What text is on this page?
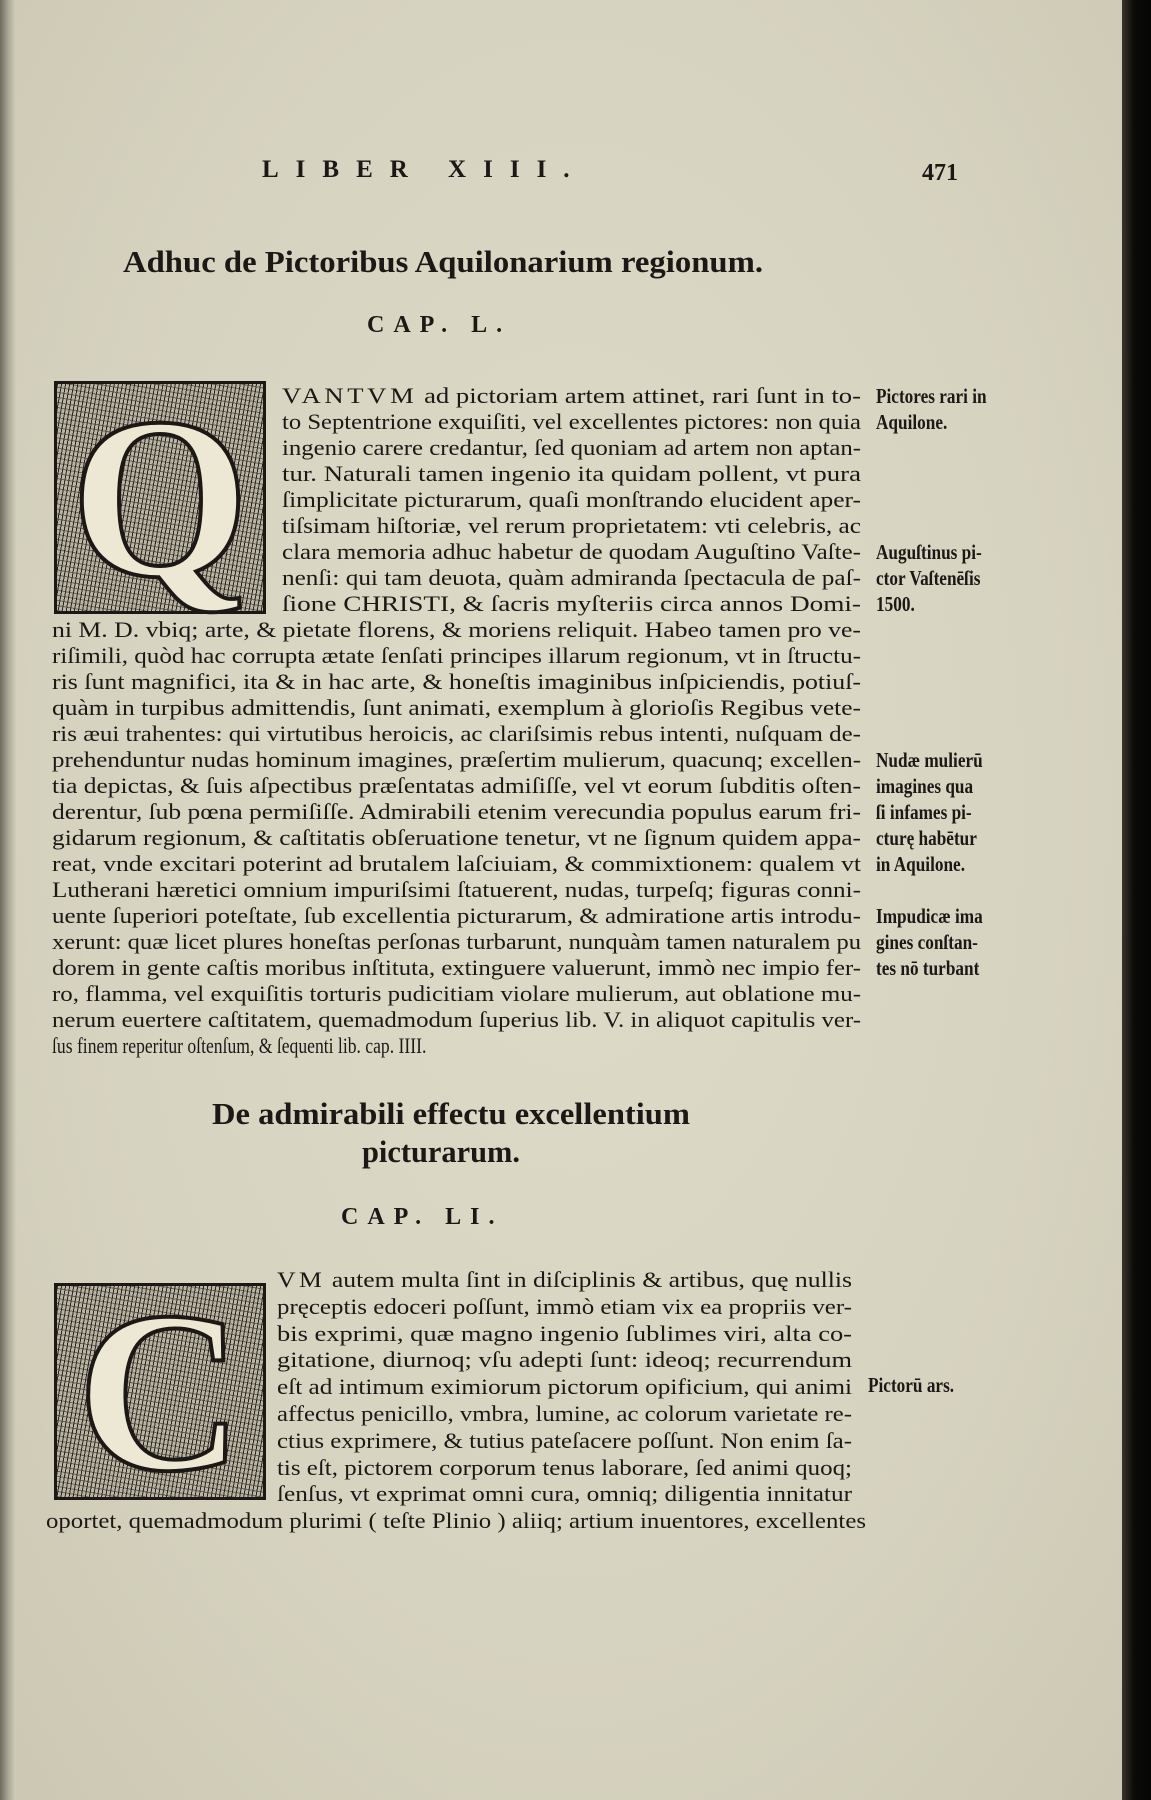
LIBER XIII.	471
Adhuc de Pictoribus Aquilonarium regionum.
CAP. L.
Q	VANTVM ad pictoriam artem attinet, rari ſunt in to-
to Septentrione exquiſiti, vel excellentes pictores: non quia
ingenio carere credantur, ſed quoniam ad artem non aptan-
tur. Naturali tamen ingenio ita quidam pollent, vt pura
ſimplicitate picturarum, quaſi monſtrando elucident aper-
tiſsimam hiſtoriæ, vel rerum proprietatem: vti celebris, ac
clara memoria adhuc habetur de quodam Auguſtino Vaſte-
nenſi: qui tam deuota, quàm admiranda ſpectacula de paſ-
ſione CHRISTI, & ſacris myſteriis circa annos Domi-
ni M. D. vbiq; arte, & pietate florens, & moriens reliquit. Habeo tamen pro ve-
riſimili, quòd hac corrupta ætate ſenſati principes illarum regionum, vt in ſtructu-
ris ſunt magnifici, ita & in hac arte, & honeſtis imaginibus inſpiciendis, potiuſ-
quàm in turpibus admittendis, ſunt animati, exemplum à glorioſis Regibus vete-
ris æui trahentes: qui virtutibus heroicis, ac clariſsimis rebus intenti, nuſquam de-
prehenduntur nudas hominum imagines, præſertim mulierum, quacunq; excellen-
tia depictas, & ſuis aſpectibus præſentatas admiſiſſe, vel vt eorum ſubditis oſten-
derentur, ſub pœna permiſiſſe. Admirabili etenim verecundia populus earum fri-
gidarum regionum, & caſtitatis obſeruatione tenetur, vt ne ſignum quidem appa-
reat, vnde excitari poterint ad brutalem laſciuiam, & commixtionem: qualem vt
Lutherani hæretici omnium impuriſsimi ſtatuerent, nudas, turpeſq; figuras conni-
uente ſuperiori poteſtate, ſub excellentia picturarum, & admiratione artis introdu-
xerunt: quæ licet plures honeſtas perſonas turbarunt, nunquàm tamen naturalem pu
dorem in gente caſtis moribus inſtituta, extinguere valuerunt, immò nec impio fer-
ro, flamma, vel exquiſitis torturis pudicitiam violare mulierum, aut oblatione mu-
nerum euertere caſtitatem, quemadmodum ſuperius lib. V. in aliquot capitulis ver-
ſus finem reperitur oſtenſum, & ſequenti lib. cap. IIII.
Pictores rari in
Aquilone.
Auguſtinus pi-
ctor Vaſtenēſis
1500.
Nudæ mulierū
imagines qua
ſi infames pi-
cturę habētur
in Aquilone.
Impudicæ ima
gines conſtan-
tes nō turbant
De admirabili effectu excellentium
picturarum.
CAP. LI.
C	VM autem multa ſint in diſciplinis & artibus, quę nullis
pręceptis edoceri poſſunt, immò etiam vix ea propriis ver-
bis exprimi, quæ magno ingenio ſublimes viri, alta co-
gitatione, diurnoq; vſu adepti ſunt: ideoq; recurrendum
eſt ad intimum eximiorum pictorum opificium, qui animi
affectus penicillo, vmbra, lumine, ac colorum varietate re-
ctius exprimere, & tutius pateſacere poſſunt. Non enim ſa-
tis eſt, pictorem corporum tenus laborare, ſed animi quoq;
ſenſus, vt exprimat omni cura, omniq; diligentia innitatur
oportet, quemadmodum plurimi ( teſte Plinio ) aliiq; artium inuentores, excellentes
Pictorū ars.
